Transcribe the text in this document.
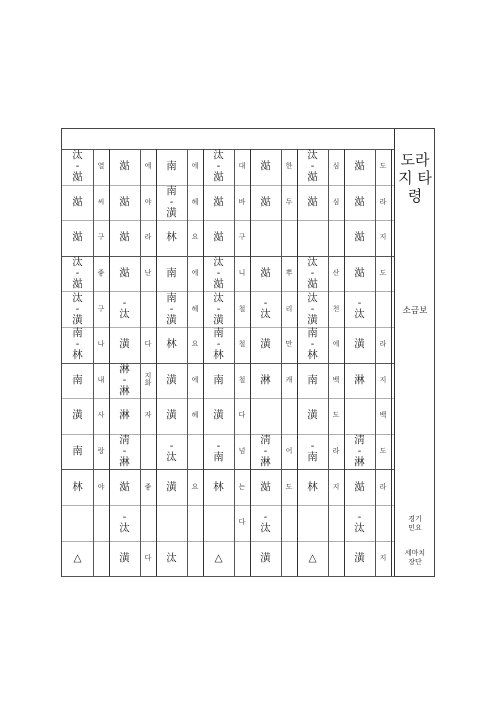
汰
-
㴌
㴌
㴌
汰
-
㴌
汰
-
潢
南
-
林
南
潢
南
林
△
열
씨
구
좋
구
나
내
사
랑
야
㴌
㴌
㴌
㴌
-
汰
潢
淋
-
淋
淋
淸
-
淋
㴌
-
汰
潢
에
야
라
난
다
지
화
자
좋
다
南
南
-
潢
林
南
南
-
潢
林
潢
潢
-
汰
潢
汰
에
헤
요
에
헤
요
에
헤
요
汰
-
㴌
㴌
㴌
汰
-
㴌
汰
-
潢
南
-
林
南
潢
-
南
林
△
대
바
구
니
철
철
철
다
넘
는
다
㴌
㴌
㴌
-
汰
潢
淋
淸
-
淋
㴌
-
汰
潢
한
두
뿌
리
만
캐
어
도
汰
-
㴌
㴌
汰
-
㴌
汰
-
潢
南
-
林
南
潢
-
南
林
△
심
심
산
천
에
백
도
라
지
㴌
㴌
㴌
㴌
-
汰
潢
淋
淸
-
淋
㴌
-
汰
潢
도
라
지
도
라
지
백
도
라
지
도라지 타령
소금보
경기
민요
세마치
장단
